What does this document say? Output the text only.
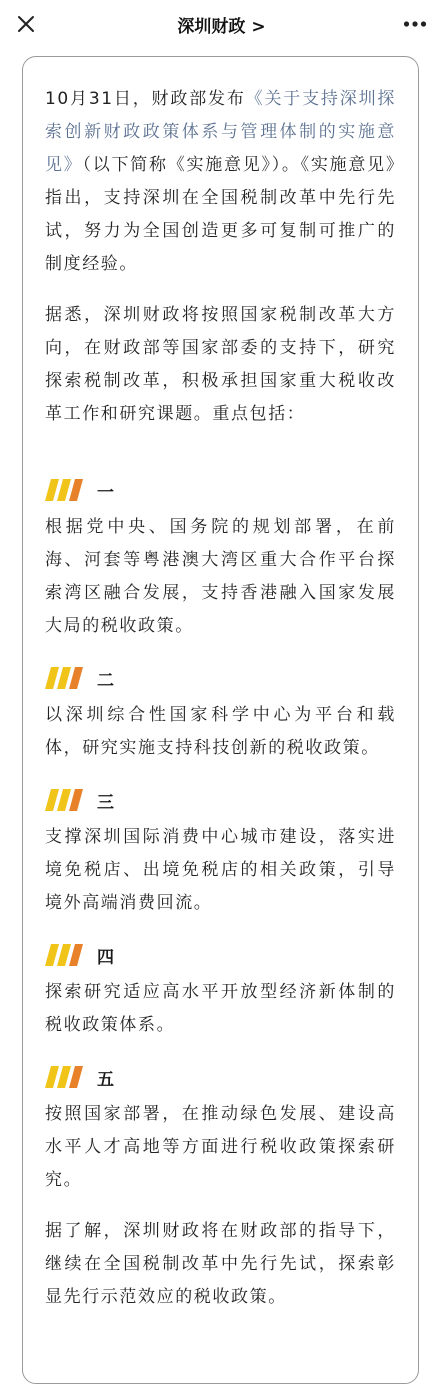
深圳财政 >

10月31日，财政部发布《关于支持深圳探索创新财政政策体系与管理体制的实施意见》（以下简称《实施意见》）。《实施意见》指出，支持深圳在全国税制改革中先行先试，努力为全国创造更多可复制可推广的制度经验。

据悉，深圳财政将按照国家税制改革大方向，在财政部等国家部委的支持下，研究探索税制改革，积极承担国家重大税收改革工作和研究课题。重点包括：

一

根据党中央、国务院的规划部署，在前海、河套等粤港澳大湾区重大合作平台探索湾区融合发展，支持香港融入国家发展大局的税收政策。

二

以深圳综合性国家科学中心为平台和载体，研究实施支持科技创新的税收政策。

三

支撑深圳国际消费中心城市建设，落实进境免税店、出境免税店的相关政策，引导境外高端消费回流。

四

探索研究适应高水平开放型经济新体制的税收政策体系。

五

按照国家部署，在推动绿色发展、建设高水平人才高地等方面进行税收政策探索研究。

据了解，深圳财政将在财政部的指导下，继续在全国税制改革中先行先试，探索彰显先行示范效应的税收政策。
